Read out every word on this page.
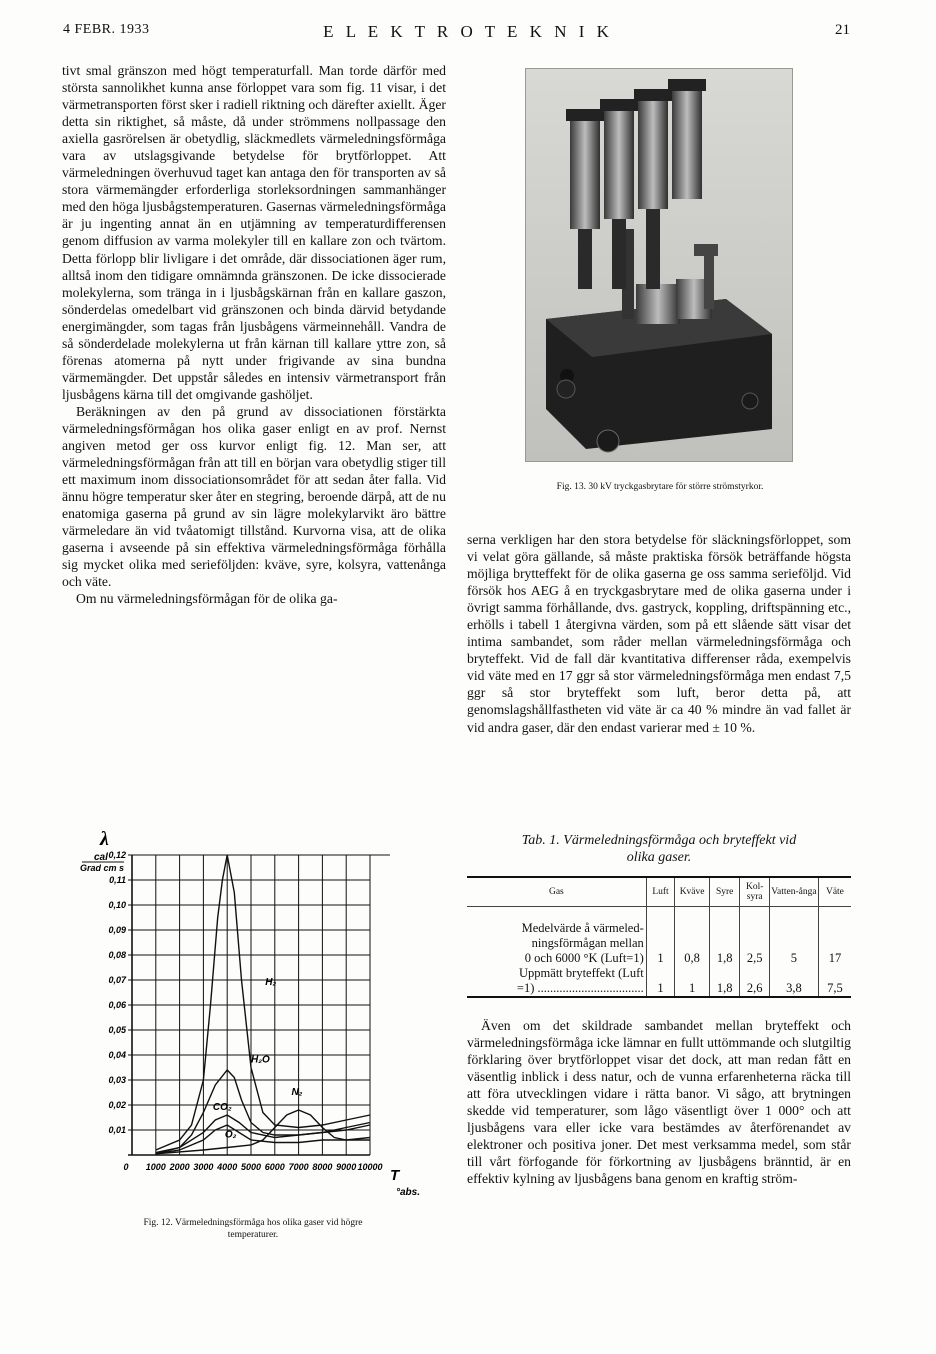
4 FEBR. 1933	E L E K T R O T E K N I K	21

tivt smal gränszon med högt temperaturfall. Man torde därför med största sannolikhet kunna anse förloppet vara som fig. 11 visar, i det värmetransporten först sker i radiell riktning och därefter axiellt. Äger detta sin riktighet, så måste, då under strömmens nollpassage den axiella gasrörelsen är obetydlig, släckmedlets värmeledningsförmåga vara av utslagsgivande betydelse för brytförloppet. Att värmeledningen överhuvud taget kan antaga den för transporten av så stora värmemängder erforderliga storleksordningen sammanhänger med den höga ljusbågstemperaturen. Gasernas värmeledningsförmåga är ju ingenting annat än en utjämning av temperaturdifferensen genom diffusion av varma molekyler till en kallare zon och tvärtom. Detta förlopp blir livligare i det område, där dissociationen äger rum, alltså inom den tidigare omnämnda gränszonen. De icke dissocierade molekylerna, som tränga in i ljusbågskärnan från en kallare gaszon, sönderdelas omedelbart vid gränszonen och binda därvid betydande energimängder, som tagas från ljusbågens värmeinnehåll. Vandra de så sönderdelade molekylerna ut från kärnan till kallare yttre zon, så förenas atomerna på nytt under frigivande av sina bundna värmemängder. Det uppstår således en intensiv värmetransport från ljusbågens kärna till det omgivande gashöljet.

Beräkningen av den på grund av dissociationen förstärkta värmeledningsförmågan hos olika gaser enligt en av prof. Nernst angiven metod ger oss kurvor enligt fig. 12. Man ser, att värmeledningsförmågan från att till en början vara obetydlig stiger till ett maximum inom dissociationsområdet för att sedan åter falla. Vid ännu högre temperatur sker åter en stegring, beroende därpå, att de nu enatomiga gaserna på grund av sin lägre molekylarvikt äro bättre värmeledare än vid tvåatomigt tillstånd. Kurvorna visa, att de olika gaserna i avseende på sin effektiva värmeledningsförmåga förhålla sig mycket olika med serieföljden: kväve, syre, kolsyra, vattenånga och väte.

Om nu värmeledningsförmågan för de olika ga-

0 1000 2000 3000 4000 5000 6000 7000 8000 9000 10000
0,01
0,02
0,03
0,04
0,05
0,06
0,07
0,08
0,09
0,10
0,11
0,12
H₂
H₂O
N₂
CO₂
O₂
λ
cal
Grad cm s
T
°abs.
Fig. 12. Värmeledningsförmåga hos olika gaser vid högre temperaturer.
Fig. 13. 30 kV tryckgasbrytare för större strömstyrkor.

serna verkligen har den stora betydelse för släckningsförloppet, som vi velat göra gällande, så måste praktiska försök beträffande högsta möjliga brytteffekt för de olika gaserna ge oss samma serieföljd. Vid försök hos AEG å en tryckgasbrytare med de olika gaserna under i övrigt samma förhållande, dvs. gastryck, koppling, driftspänning etc., erhölls i tabell 1 återgivna värden, som på ett slående sätt visar det intima sambandet, som råder mellan värmeledningsförmåga och bryteffekt. Vid de fall där kvantitativa differenser råda, exempelvis vid väte med en 17 ggr så stor värmeledningsförmåga men endast 7,5 ggr så stor bryteffekt som luft, beror detta på, att genomslagshållfastheten vid väte är ca 40 % mindre än vad fallet är vid andra gaser, där den endast varierar med ± 10 %.

Tab. 1. Värmeledningsförmåga och bryteffekt vid
olika gaser.
Gas	Luft	Kväve	Syre	Kol-syra	Vatten-ånga	Väte

Medelvärde å värmeled-
ningsförmågan mellan
0 och 6000 °K (Luft=1)	1	0,8	1,8	2,5	5	17

Uppmätt bryteffekt (Luft
=1) ..................................	1	1	1,8	2,6	3,8	7,5

Även om det skildrade sambandet mellan bryteffekt och värmeledningsförmåga icke lämnar en fullt uttömmande och slutgiltig förklaring över brytförloppet visar det dock, att man redan fått en väsentlig inblick i dess natur, och de vunna erfarenheterna räcka till att föra utvecklingen vidare i rätta banor. Vi sågo, att brytningen skedde vid temperaturer, som lågo väsentligt över 1 000° och att ljusbågens vara eller icke vara bestämdes av återförenandet av elektroner och positiva joner. Det mest verksamma medel, som står till vårt förfogande för förkortning av ljusbågens bränntid, är en effektiv kylning av ljusbågens bana genom en kraftig ström-
